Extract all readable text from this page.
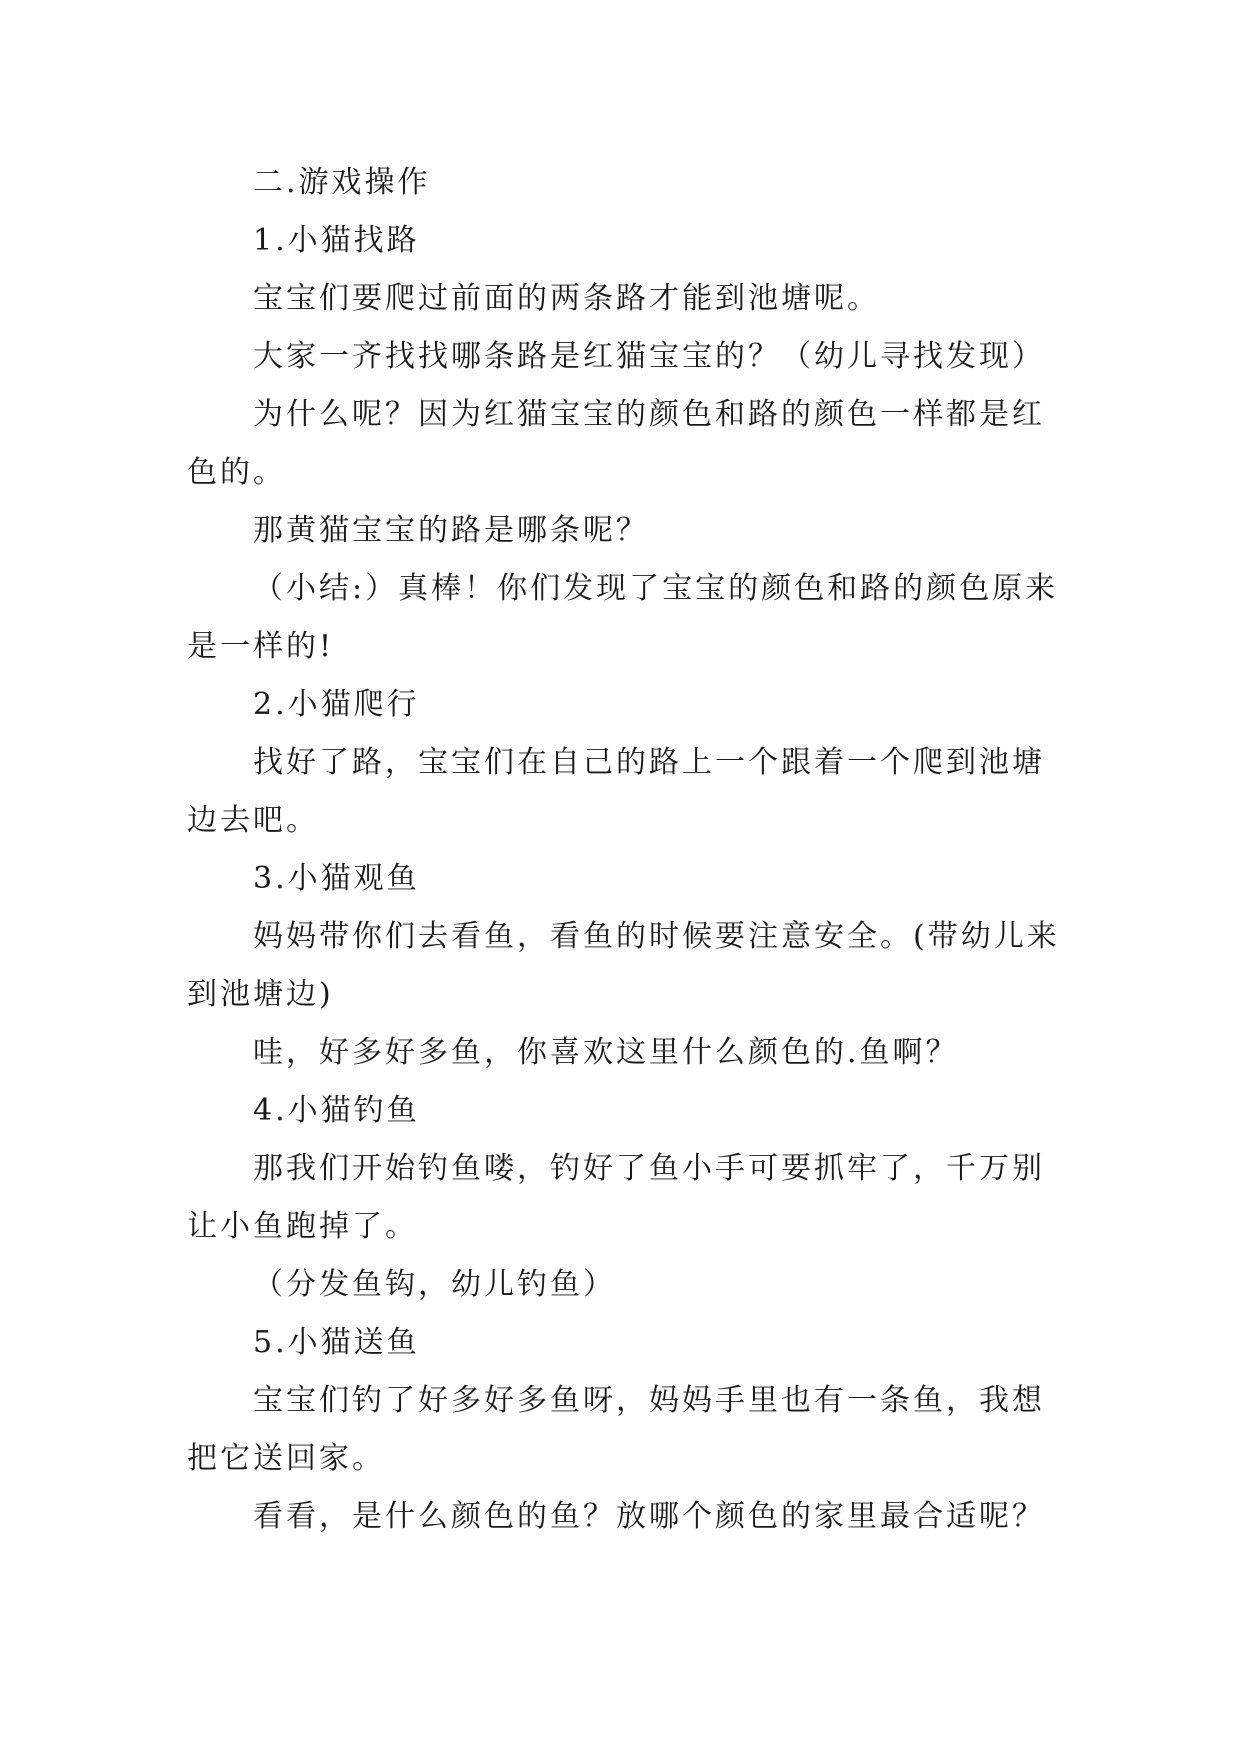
二.游戏操作

1.小猫找路

宝宝们要爬过前面的两条路才能到池塘呢。

大家一齐找找哪条路是红猫宝宝的？（幼儿寻找发现）

为什么呢？因为红猫宝宝的颜色和路的颜色一样都是红色的。

那黄猫宝宝的路是哪条呢？

（小结:）真棒！你们发现了宝宝的颜色和路的颜色原来是一样的!

2.小猫爬行

找好了路，宝宝们在自己的路上一个跟着一个爬到池塘边去吧。

3.小猫观鱼

妈妈带你们去看鱼，看鱼的时候要注意安全。(带幼儿来到池塘边)

哇，好多好多鱼，你喜欢这里什么颜色的.鱼啊？

4.小猫钓鱼

那我们开始钓鱼喽，钓好了鱼小手可要抓牢了，千万别让小鱼跑掉了。

（分发鱼钩，幼儿钓鱼）

5.小猫送鱼

宝宝们钓了好多好多鱼呀，妈妈手里也有一条鱼，我想把它送回家。

看看，是什么颜色的鱼？放哪个颜色的家里最合适呢？
